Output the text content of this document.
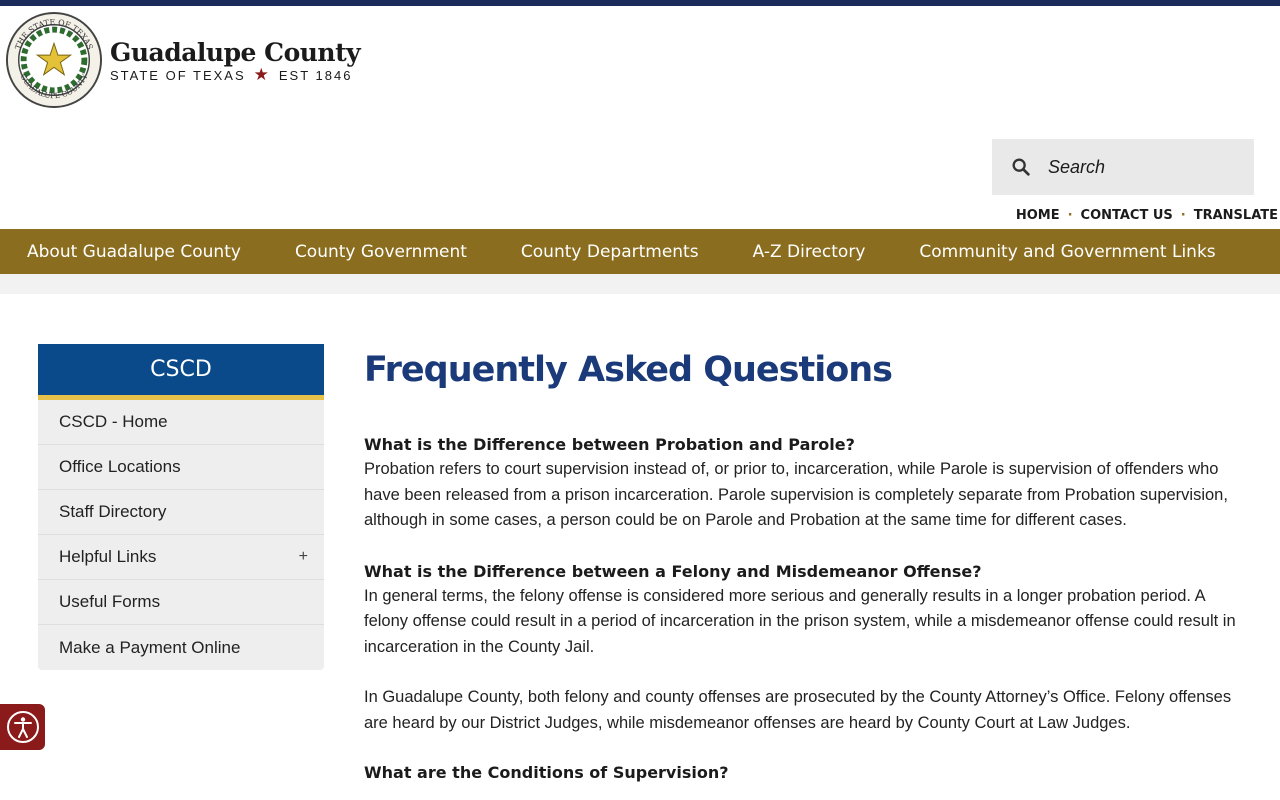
THE STATE OF TEXAS
GUADALUPE COUNTY
Guadalupe County
STATE OF TEXAS ★ EST 1846
Search
HOME · CONTACT US · TRANSLATE
About Guadalupe County	County Government	County Departments	A-Z Directory	Community and Government Links
CSCD
CSCD - Home
Office Locations
Staff Directory
Helpful Links	+
Useful Forms
Make a Payment Online
Frequently Asked Questions
What is the Difference between Probation and Parole?

Probation refers to court supervision instead of, or prior to, incarceration, while Parole is supervision of offenders who have been released from a prison incarceration. Parole supervision is completely separate from Probation supervision, although in some cases, a person could be on Parole and Probation at the same time for different cases.

What is the Difference between a Felony and Misdemeanor Offense?

In general terms, the felony offense is considered more serious and generally results in a longer probation period. A felony offense could result in a period of incarceration in the prison system, while a misdemeanor offense could result in incarceration in the County Jail.

In Guadalupe County, both felony and county offenses are prosecuted by the County Attorney’s Office. Felony offenses are heard by our District Judges, while misdemeanor offenses are heard by County Court at Law Judges.

What are the Conditions of Supervision?
